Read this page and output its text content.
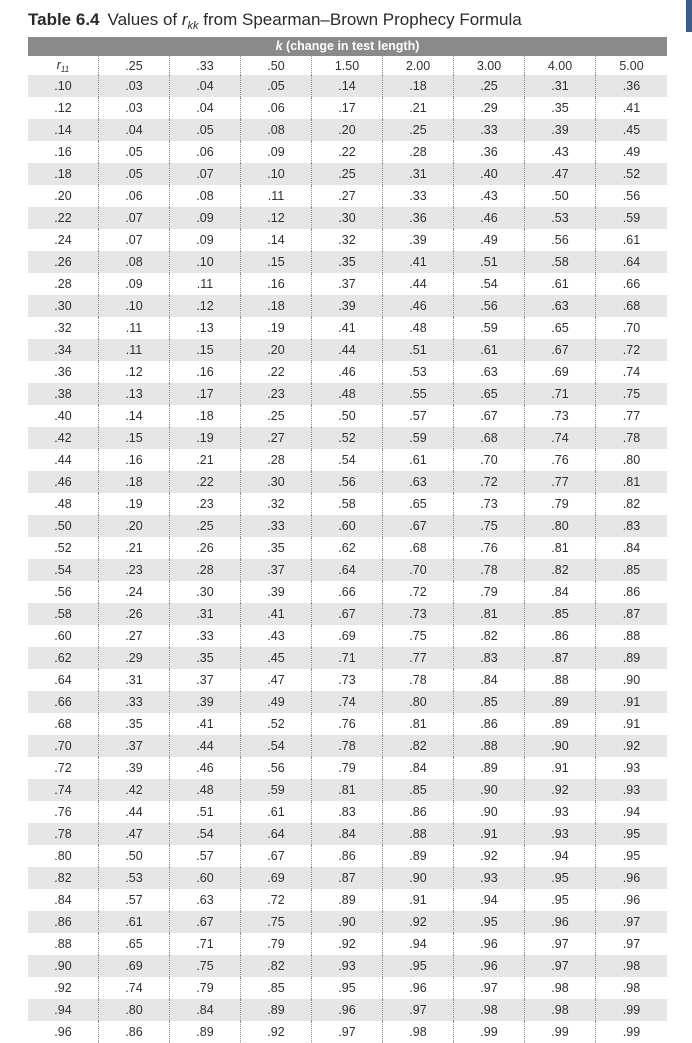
Table 6.4 Values of $r_{kk}$ from Spearman–Brown Prophecy Formula
k (change in test length)
$r_{11}$	.25	.33	.50	1.50	2.00	3.00	4.00	5.00
.10	.03	.04	.05	.14	.18	.25	.31	.36
.12	.03	.04	.06	.17	.21	.29	.35	.41
.14	.04	.05	.08	.20	.25	.33	.39	.45
.16	.05	.06	.09	.22	.28	.36	.43	.49
.18	.05	.07	.10	.25	.31	.40	.47	.52
.20	.06	.08	.11	.27	.33	.43	.50	.56
.22	.07	.09	.12	.30	.36	.46	.53	.59
.24	.07	.09	.14	.32	.39	.49	.56	.61
.26	.08	.10	.15	.35	.41	.51	.58	.64
.28	.09	.11	.16	.37	.44	.54	.61	.66
.30	.10	.12	.18	.39	.46	.56	.63	.68
.32	.11	.13	.19	.41	.48	.59	.65	.70
.34	.11	.15	.20	.44	.51	.61	.67	.72
.36	.12	.16	.22	.46	.53	.63	.69	.74
.38	.13	.17	.23	.48	.55	.65	.71	.75
.40	.14	.18	.25	.50	.57	.67	.73	.77
.42	.15	.19	.27	.52	.59	.68	.74	.78
.44	.16	.21	.28	.54	.61	.70	.76	.80
.46	.18	.22	.30	.56	.63	.72	.77	.81
.48	.19	.23	.32	.58	.65	.73	.79	.82
.50	.20	.25	.33	.60	.67	.75	.80	.83
.52	.21	.26	.35	.62	.68	.76	.81	.84
.54	.23	.28	.37	.64	.70	.78	.82	.85
.56	.24	.30	.39	.66	.72	.79	.84	.86
.58	.26	.31	.41	.67	.73	.81	.85	.87
.60	.27	.33	.43	.69	.75	.82	.86	.88
.62	.29	.35	.45	.71	.77	.83	.87	.89
.64	.31	.37	.47	.73	.78	.84	.88	.90
.66	.33	.39	.49	.74	.80	.85	.89	.91
.68	.35	.41	.52	.76	.81	.86	.89	.91
.70	.37	.44	.54	.78	.82	.88	.90	.92
.72	.39	.46	.56	.79	.84	.89	.91	.93
.74	.42	.48	.59	.81	.85	.90	.92	.93
.76	.44	.51	.61	.83	.86	.90	.93	.94
.78	.47	.54	.64	.84	.88	.91	.93	.95
.80	.50	.57	.67	.86	.89	.92	.94	.95
.82	.53	.60	.69	.87	.90	.93	.95	.96
.84	.57	.63	.72	.89	.91	.94	.95	.96
.86	.61	.67	.75	.90	.92	.95	.96	.97
.88	.65	.71	.79	.92	.94	.96	.97	.97
.90	.69	.75	.82	.93	.95	.96	.97	.98
.92	.74	.79	.85	.95	.96	.97	.98	.98
.94	.80	.84	.89	.96	.97	.98	.98	.99
.96	.86	.89	.92	.97	.98	.99	.99	.99
